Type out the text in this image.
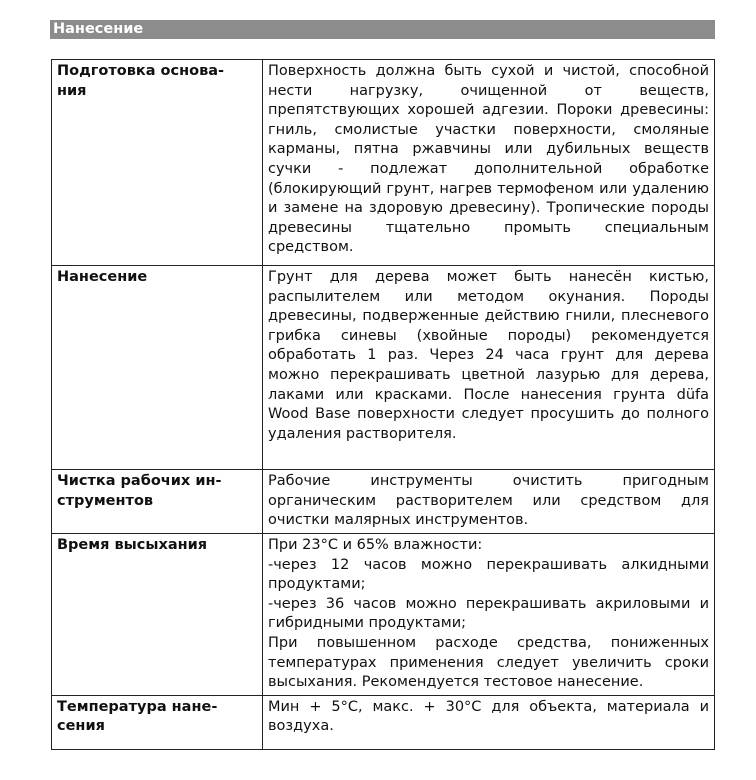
Нанесение
Подготовка основа-
ния	Поверхность должна быть сухой и чистой, способной нести нагрузку, очищенной от веществ, препятствующих хорошей адгезии. Пороки древесины: гниль, смолистые участки поверхности, смоляные карманы, пятна ржавчины или дубильных веществ сучки - подлежат дополнительной обработке (блокирующий грунт, нагрев термофеном или удалению и замене на здоровую древесину). Тропические породы древесины тщательно промыть специальным средством.
Нанесение	Грунт для дерева может быть нанесён кистью, распылителем или методом окунания. Породы древесины, подверженные действию гнили, плесневого грибка синевы (хвойные породы) рекомендуется обработать 1 раз. Через 24 часа грунт для дерева можно перекрашивать цветной лазурью для дерева, лаками или красками. После нанесения грунта düfa Wood Base поверхности следует просушить до полного удаления растворителя.
Чистка рабочих ин-
струментов	Рабочие инструменты очистить пригодным органическим растворителем или средством для очистки малярных инструментов.
Время высыхания	При 23°C и 65% влажности:
-через 12 часов можно перекрашивать алкидными продуктами;
-через 36 часов можно перекрашивать акриловыми и гибридными продуктами;
При повышенном расходе средства, пониженных температурах применения следует увеличить сроки высыхания. Рекомендуется тестовое нанесение.
Температура нане-
сения	Мин + 5°C, макс. + 30°C для объекта, материала и воздуха.
